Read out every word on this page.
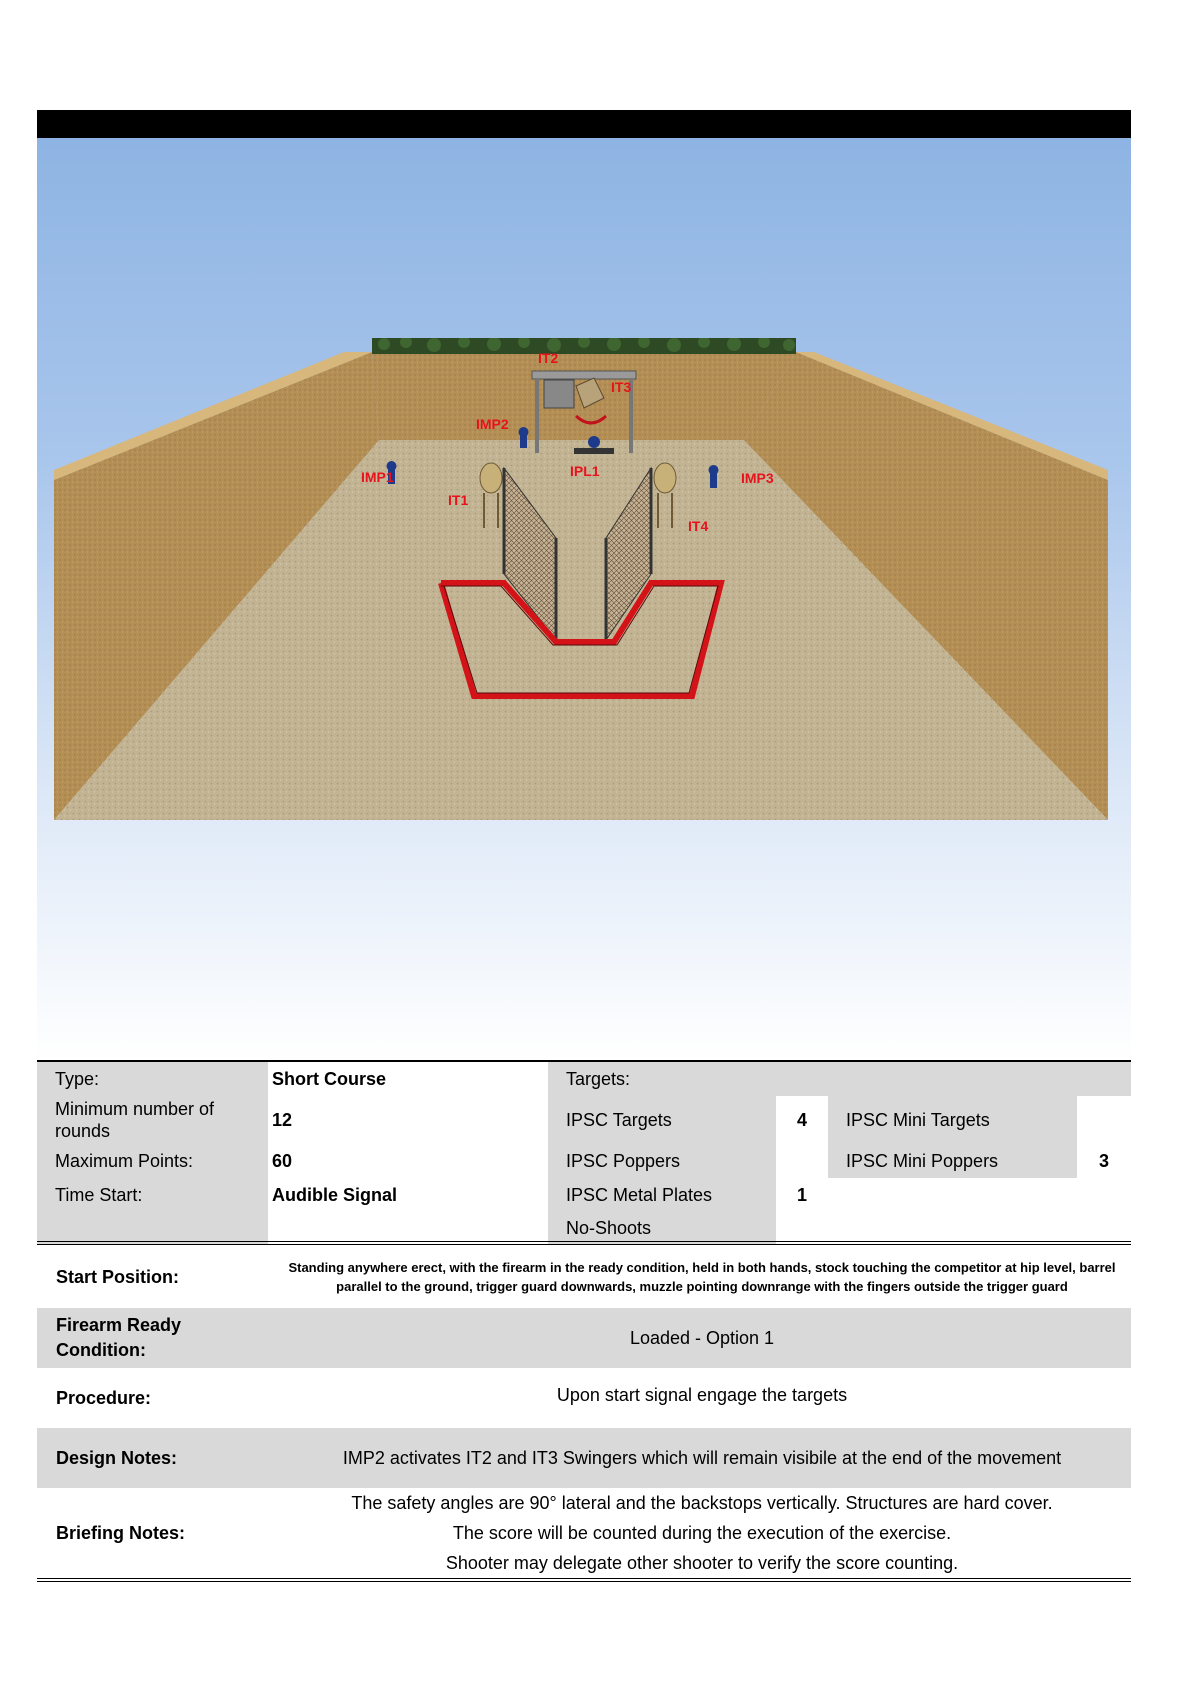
IT2
IT3
IMP2
IMP1	IPL1	IMP3
IT1
IT4
Type:	Short Course	Targets:			
Minimum number of rounds	12	IPSC Targets	4	IPSC Mini Targets	
Maximum Points:	60	IPSC Poppers		IPSC Mini Poppers	3
Time Start:	Audible Signal	IPSC Metal Plates	1		
		No-Shoots			
Start Position:	Standing anywhere erect, with the firearm in the ready condition, held in both hands, stock touching the competitor at hip level, barrel parallel to the ground, trigger guard downwards, muzzle pointing downrange with the fingers outside the trigger guard
Firearm Ready Condition:
Loaded - Option 1
Procedure:	Upon start signal engage the targets
Design Notes:	IMP2 activates IT2 and IT3 Swingers which will remain visibile at the end of the movement
Briefing Notes:
The safety angles are 90° lateral and the backstops vertically. Structures are hard cover.
The score will be counted during the execution of the exercise.
Shooter may delegate other shooter to verify the score counting.
